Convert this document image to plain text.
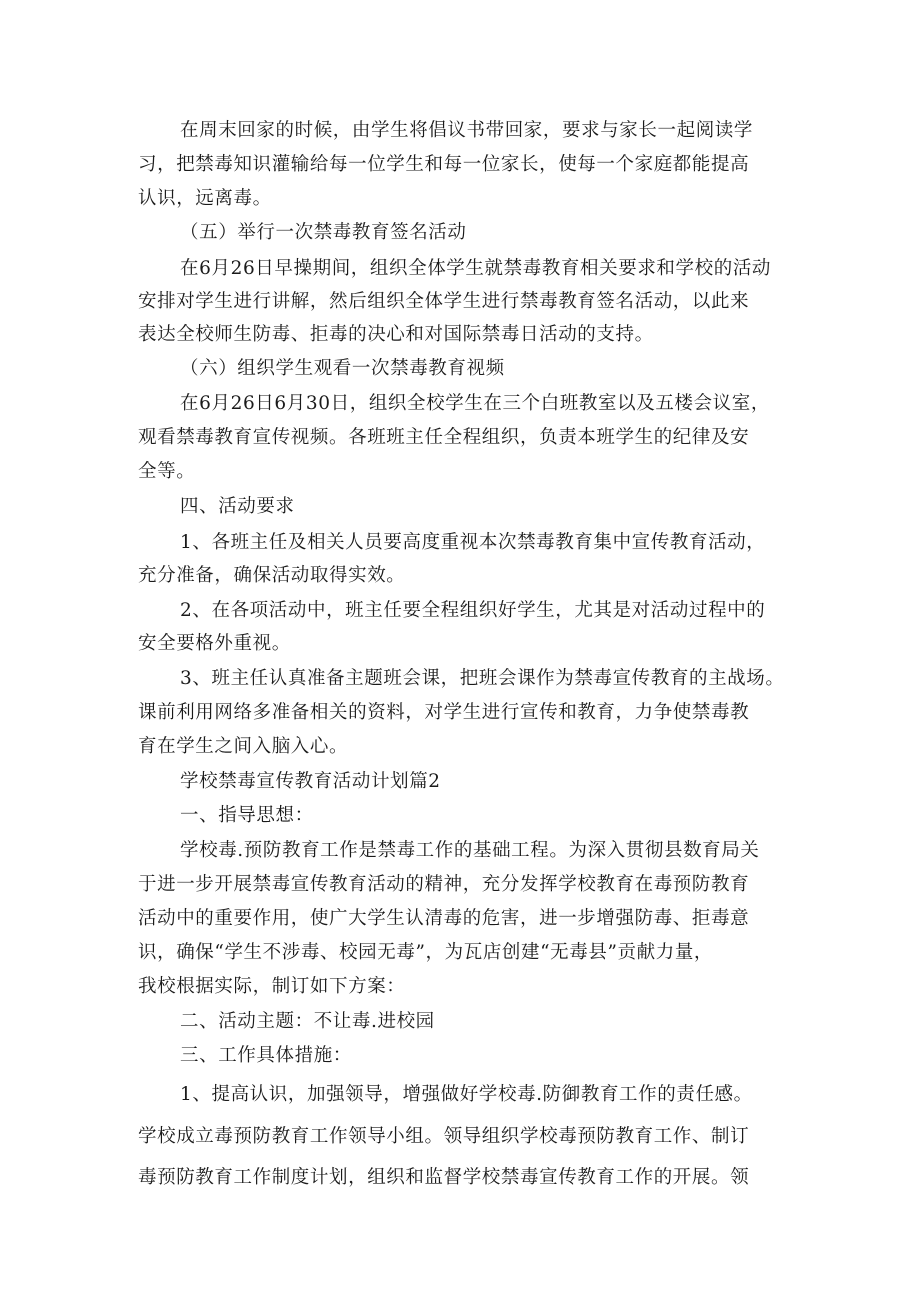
在周末回家的时候，由学生将倡议书带回家，要求与家长一起阅读学

习，把禁毒知识灌输给每一位学生和每一位家长，使每一个家庭都能提高

认识，远离毒。

（五）举行一次禁毒教育签名活动

在6月26日早操期间，组织全体学生就禁毒教育相关要求和学校的活动

安排对学生进行讲解，然后组织全体学生进行禁毒教育签名活动，以此来

表达全校师生防毒、拒毒的决心和对国际禁毒日活动的支持。

（六）组织学生观看一次禁毒教育视频

在6月26日6月30日，组织全校学生在三个白班教室以及五楼会议室，

观看禁毒教育宣传视频。各班班主任全程组织，负责本班学生的纪律及安

全等。

四、活动要求

1、各班主任及相关人员要高度重视本次禁毒教育集中宣传教育活动，

充分准备，确保活动取得实效。

2、在各项活动中，班主任要全程组织好学生，尤其是对活动过程中的

安全要格外重视。

3、班主任认真准备主题班会课，把班会课作为禁毒宣传教育的主战场。

课前利用网络多准备相关的资料，对学生进行宣传和教育，力争使禁毒教

育在学生之间入脑入心。

学校禁毒宣传教育活动计划篇2

一、指导思想：

学校毒.预防教育工作是禁毒工作的基础工程。为深入贯彻县数育局关

于进一步开展禁毒宣传教育活动的精神，充分发挥学校教育在毒预防教育

活动中的重要作用，使广大学生认清毒的危害，进一步增强防毒、拒毒意

识，确保“学生不涉毒、校园无毒”，为瓦店创建“无毒县”贡献力量，

我校根据实际，制订如下方案：

二、活动主题：不让毒.进校园

三、工作具体措施：

1、提高认识，加强领导，增强做好学校毒.防御教育工作的责任感。

学校成立毒预防教育工作领导小组。领导组织学校毒预防教育工作、制订

毒预防教育工作制度计划，组织和监督学校禁毒宣传教育工作的开展。领
